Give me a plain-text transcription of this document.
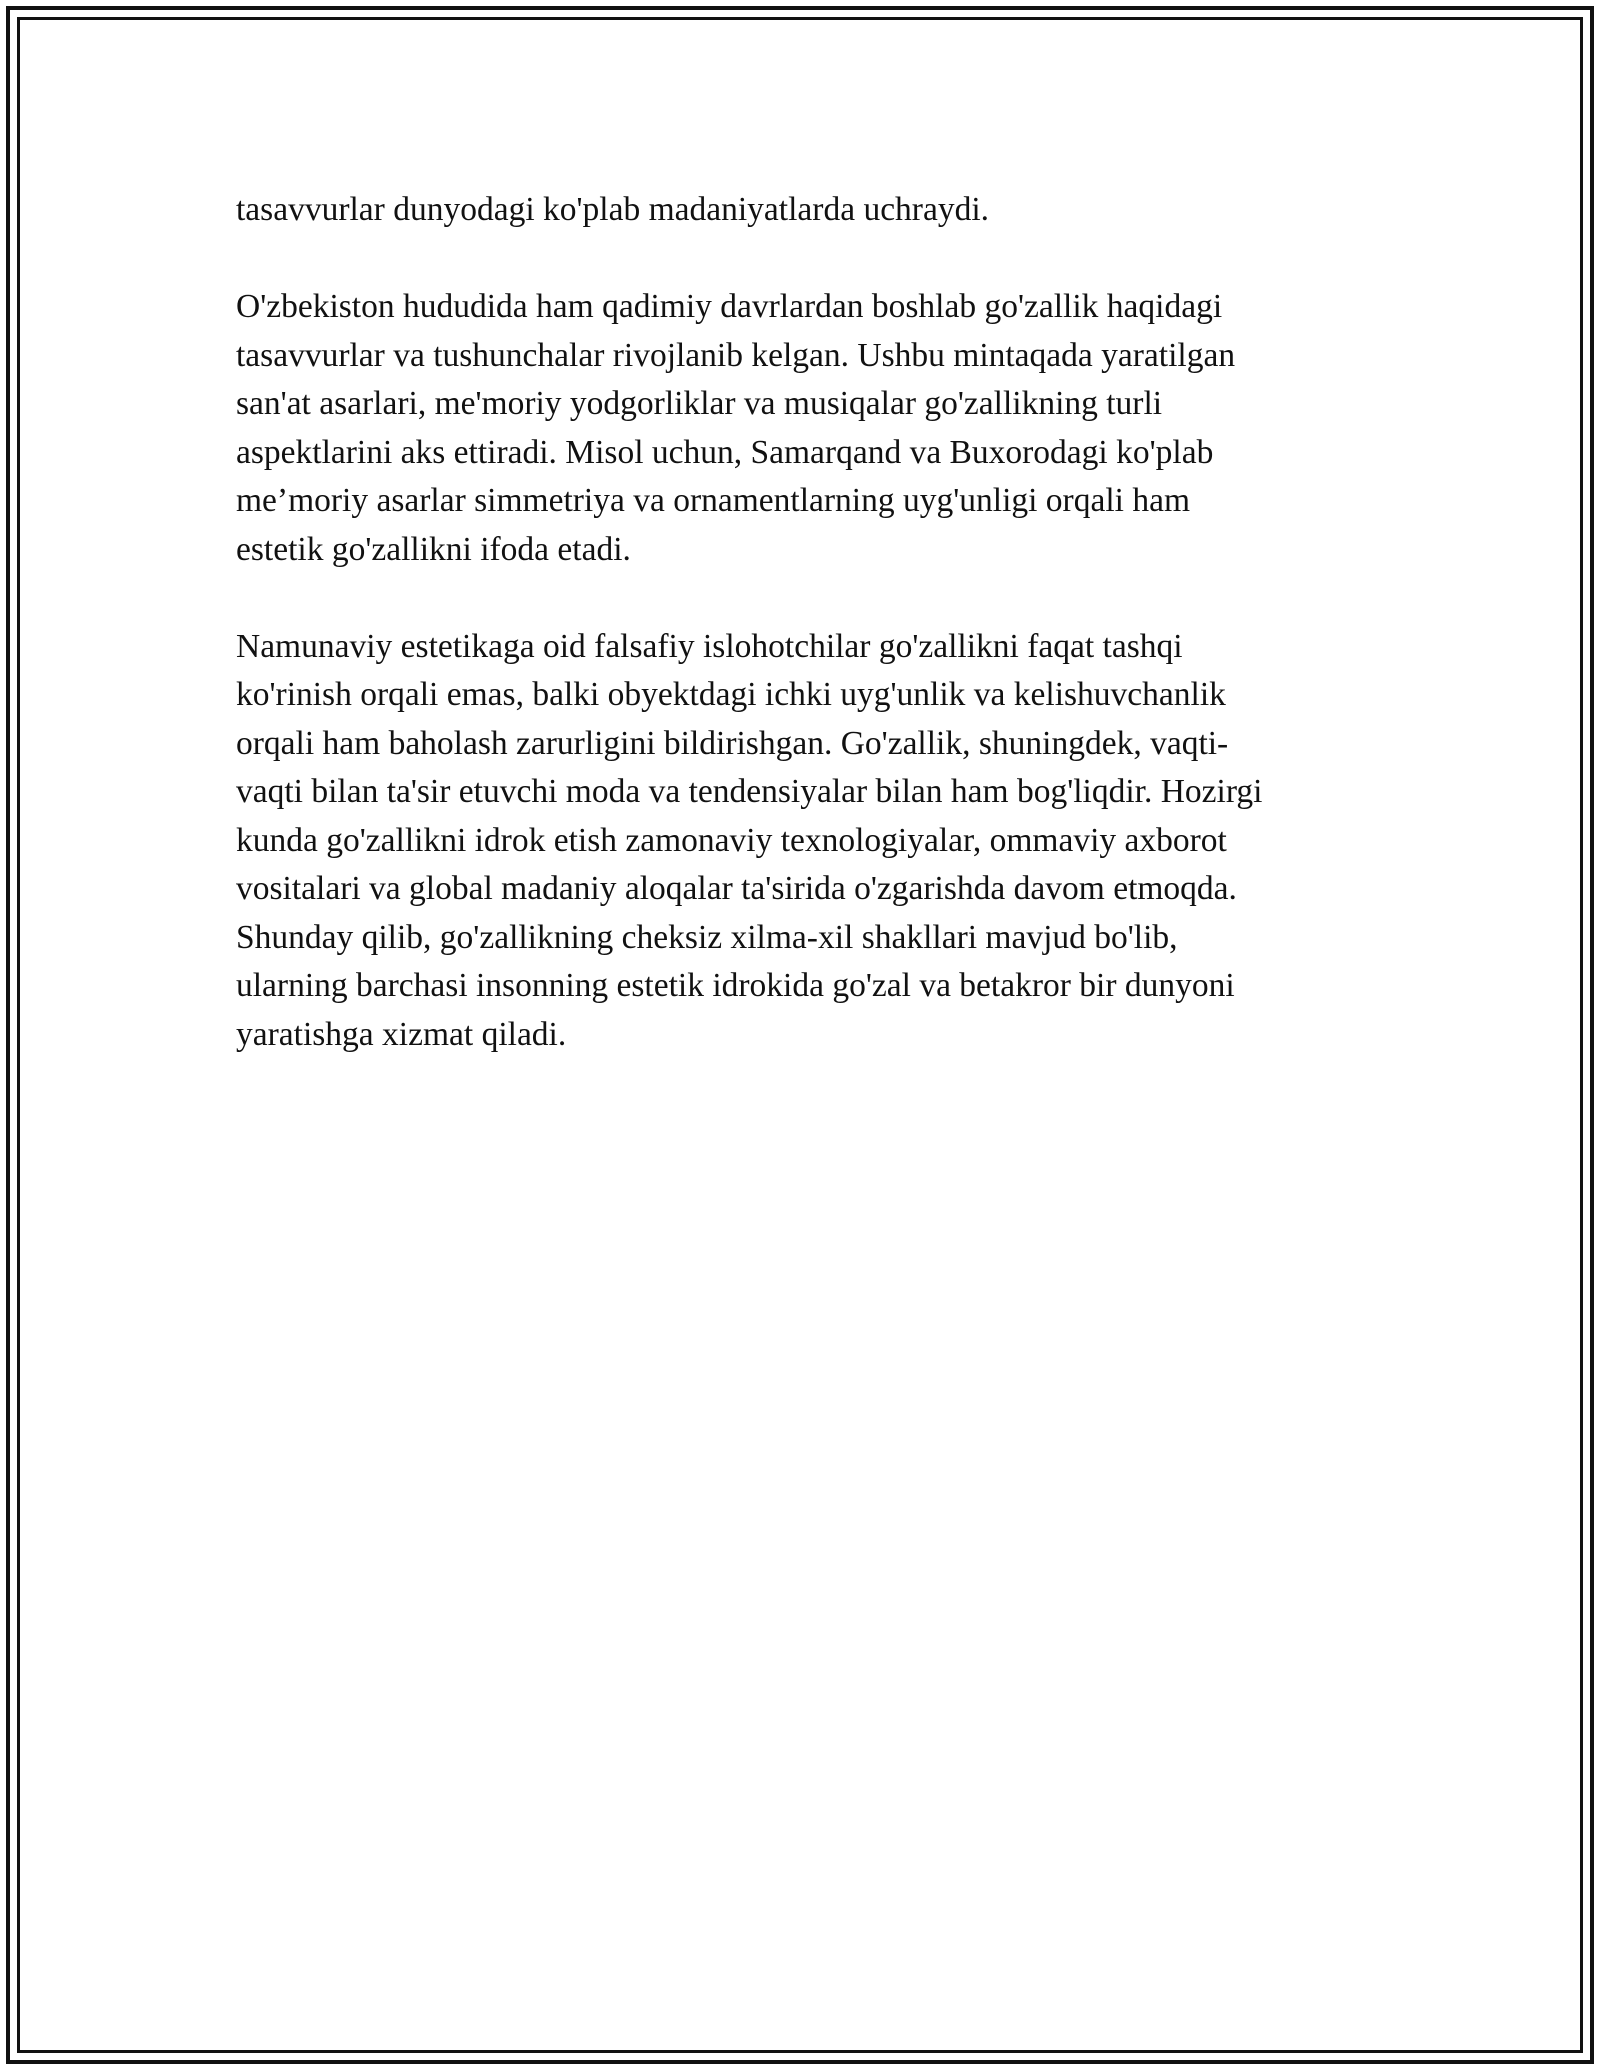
tasavvurlar dunyodagi ko'plab madaniyatlarda uchraydi.

O'zbekiston hududida ham qadimiy davrlardan boshlab go'zallik haqidagi
tasavvurlar va tushunchalar rivojlanib kelgan. Ushbu mintaqada yaratilgan
san'at asarlari, me'moriy yodgorliklar va musiqalar go'zallikning turli
aspektlarini aks ettiradi. Misol uchun, Samarqand va Buxorodagi ko'plab
me’moriy asarlar simmetriya va ornamentlarning uyg'unligi orqali ham
estetik go'zallikni ifoda etadi.

Namunaviy estetikaga oid falsafiy islohotchilar go'zallikni faqat tashqi
ko'rinish orqali emas, balki obyektdagi ichki uyg'unlik va kelishuvchanlik
orqali ham baholash zarurligini bildirishgan. Go'zallik, shuningdek, vaqti-
vaqti bilan ta'sir etuvchi moda va tendensiyalar bilan ham bog'liqdir. Hozirgi
kunda go'zallikni idrok etish zamonaviy texnologiyalar, ommaviy axborot
vositalari va global madaniy aloqalar ta'sirida o'zgarishda davom etmoqda.
Shunday qilib, go'zallikning cheksiz xilma-xil shakllari mavjud bo'lib,
ularning barchasi insonning estetik idrokida go'zal va betakror bir dunyoni
yaratishga xizmat qiladi.
